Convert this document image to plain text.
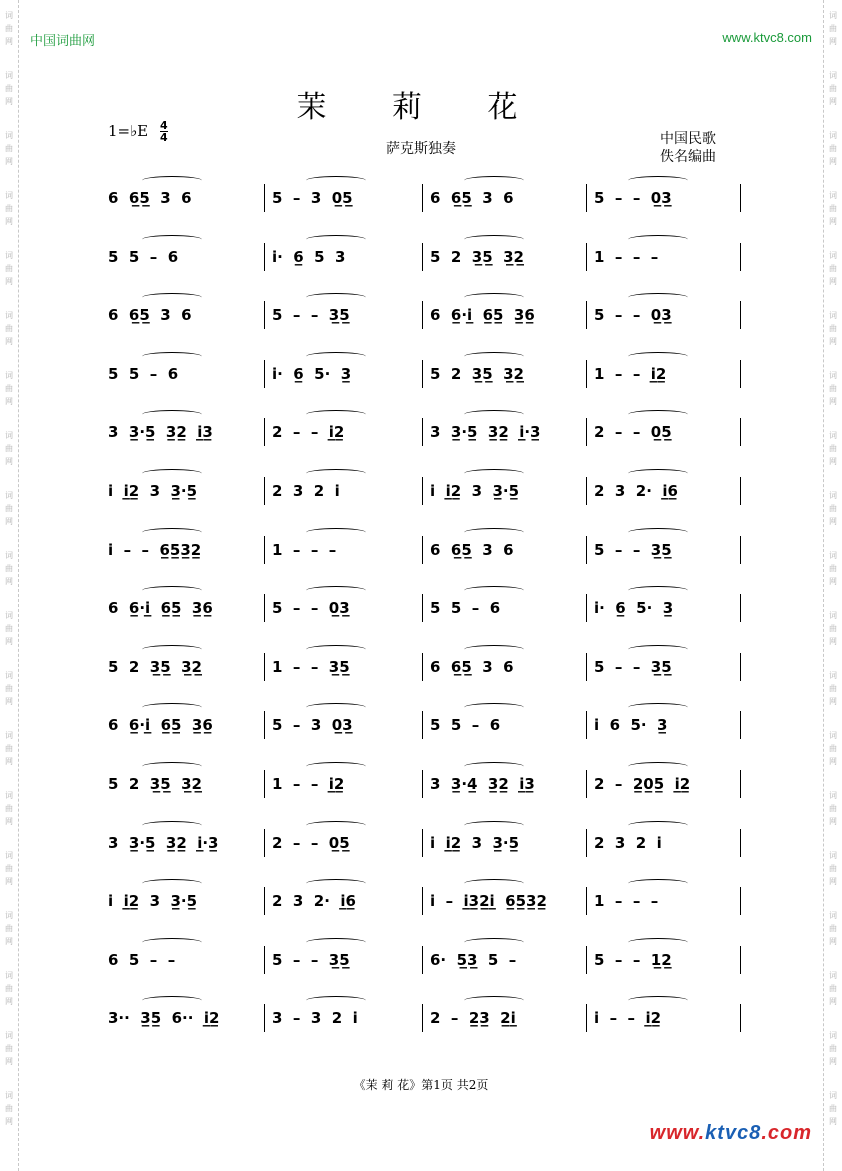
词
曲
网
词
曲
网
词
曲
网
词
曲
网
词
曲
网
词
曲
网
词
曲
网
词
曲
网
词
曲
网
词
曲
网
词
曲
网
词
曲
网
词
曲
网
词
曲
网
词
曲
网
词
曲
网
词
曲
网
词
曲
网
词
曲
网
词
曲
网
词
曲
网
词
曲
网
词
曲
网
词
曲
网
词
曲
网
词
曲
网
词
曲
网
词
曲
网
词
曲
网
词
曲
网
词
曲
网
词
曲
网
词
曲
网
词
曲
网
词
曲
网
词
曲
网
词
曲
网
词
曲
网
中国词曲网	www.ktvc8.com
茉 莉 花
1=♭E $\frac{4}{4}$
萨克斯独奏
中国民歌
佚名编曲
6  6̲5̲  3  6	5  –  3  0̲5̲	6  6̲5̲  3  6	5  –  –  0̲3̲
5  5  –  6	i·  6̲  5  3	5  2  3̲5̲  3̲2̲	1  –  –  –
6  6̲5̲  3  6	5  –  –  3̲5̲	6  6̲·i̲  6̲5̲  3̲6̲	5  –  –  0̲3̲
5  5  –  6	i·  6̲  5·  3̲	5  2  3̲5̲  3̲2̲	1  –  –  i̲2̲
3  3̲·5̲  3̲2̲  i̲3̲	2  –  –  i̲2̲	3  3̲·5̲  3̲2̲  i̲·3̲	2  –  –  0̲5̲
i  i̲2̲  3  3̲·5̲	2  3  2  i	i  i̲2̲  3  3̲·5̲	2  3  2·  i̲6̲
i  –  –  6̲5̲3̲2̲	1  –  –  –	6  6̲5̲  3  6	5  –  –  3̲5̲
6  6̲·i̲  6̲5̲  3̲6̲	5  –  –  0̲3̲	5  5  –  6	i·  6̲  5·  3̲
5  2  3̲5̲  3̲2̲	1  –  –  3̲5̲	6  6̲5̲  3  6	5  –  –  3̲5̲
6  6̲·i̲  6̲5̲  3̲6̲	5  –  3  0̲3̲	5  5  –  6	i  6  5·  3̲
5  2  3̲5̲  3̲2̲	1  –  –  i̲2̲	3  3̲·4̲  3̲2̲  i̲3̲	2  –  2̲0̲5̲  i̲2̲
3  3̲·5̲  3̲2̲  i̲·3̲	2  –  –  0̲5̲	i  i̲2̲  3  3̲·5̲	2  3  2  i
i  i̲2̲  3  3̲·5̲	2  3  2·  i̲6̲	i  –  i̲3̲2̲i̲  6̲5̲3̲2̲	1  –  –  –
6  5  –  –	5  –  –  3̲5̲	6·  5̲3̲  5  –	5  –  –  1̲2̲
3··  3̲5̲  6··  i̲2̲	3  –  3  2  i	2  –  2̲3̲  2̲i̲	i  –  –  i̲2̲
《茉 莉 花》第1页 共2页
www.ktvc8.com
